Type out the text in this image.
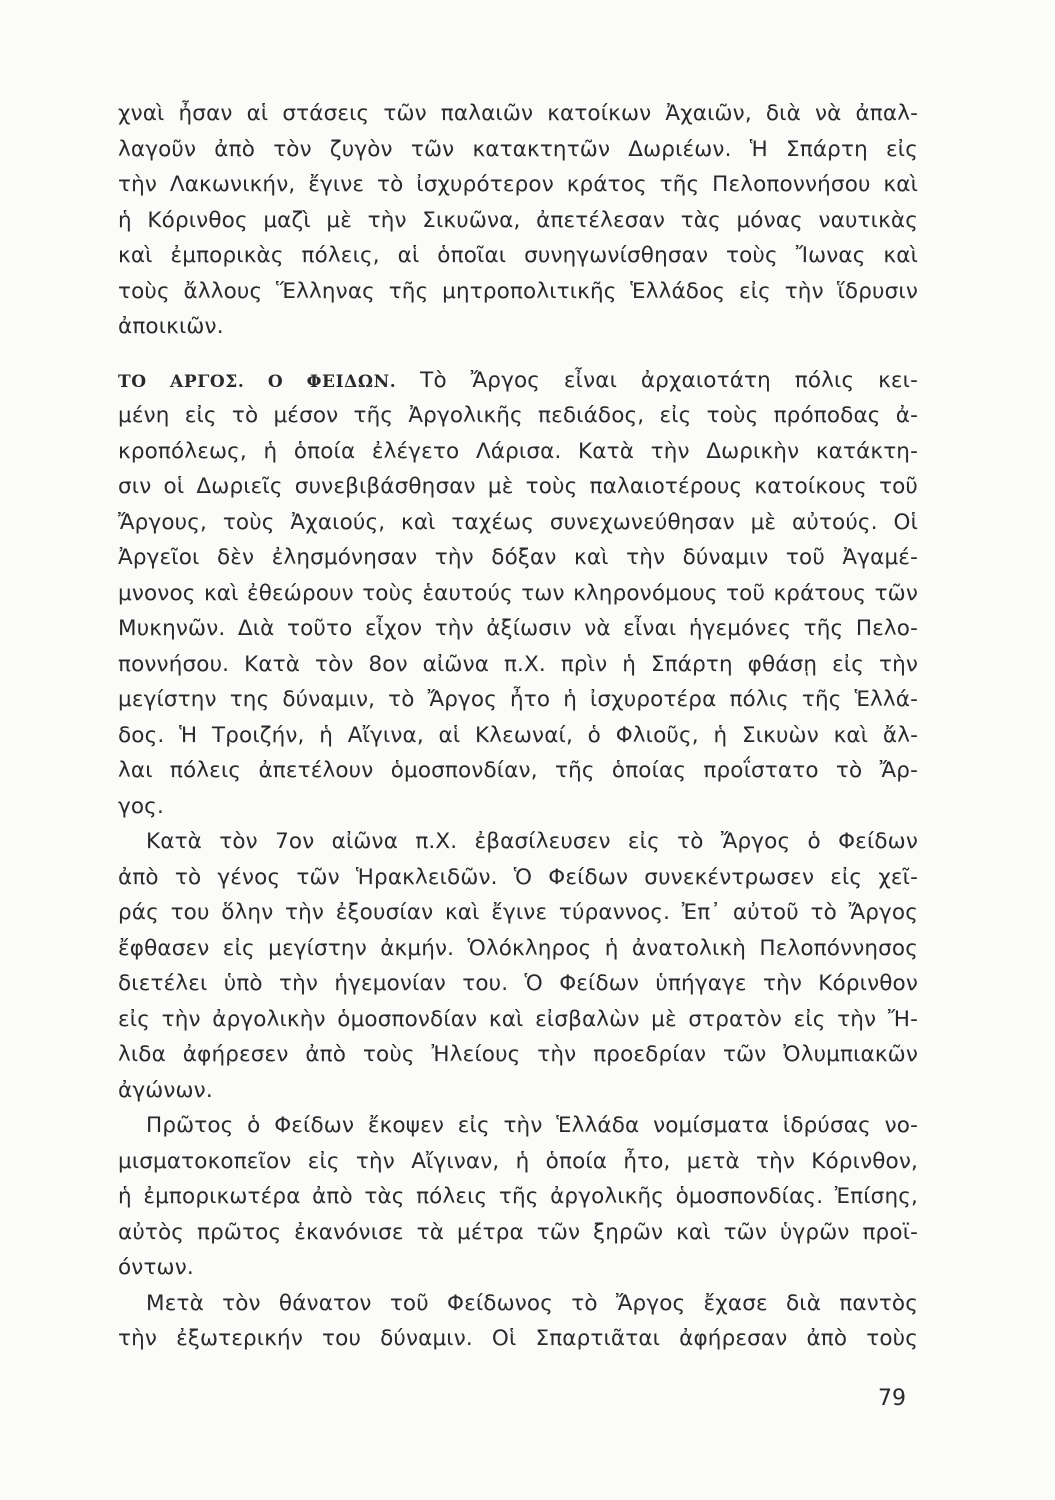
χναὶ ἦσαν αἱ στάσεις τῶν παλαιῶν κατοίκων Ἀχαιῶν, διὰ νὰ ἀπαλ-
λαγοῦν ἀπὸ τὸν ζυγὸν τῶν κατακτητῶν Δωριέων. Ἡ Σπάρτη εἰς
τὴν Λακωνικήν, ἔγινε τὸ ἰσχυρότερον κράτος τῆς Πελοποννήσου καὶ
ἡ Κόρινθος μαζὶ μὲ τὴν Σικυῶνα, ἀπετέλεσαν τὰς μόνας ναυτικὰς
καὶ ἐμπορικὰς πόλεις, αἱ ὁποῖαι συνηγωνίσθησαν τοὺς Ἴωνας καὶ
τοὺς ἄλλους Ἕλληνας τῆς μητροπολιτικῆς Ἑλλάδος εἰς τὴν ἵδρυσιν
ἀποικιῶν.
ΤΟ ΑΡΓΟΣ. Ο ΦΕΙΔΩΝ. Τὸ Ἄργος εἶναι ἀρχαιοτάτη πόλις κει-
μένη εἰς τὸ μέσον τῆς Ἀργολικῆς πεδιάδος, εἰς τοὺς πρόποδας ἀ-
κροπόλεως, ἡ ὁποία ἐλέγετο Λάρισα. Κατὰ τὴν Δωρικὴν κατάκτη-
σιν οἱ Δωριεῖς συνεβιβάσθησαν μὲ τοὺς παλαιοτέρους κατοίκους τοῦ
Ἄργους, τοὺς Ἀχαιούς, καὶ ταχέως συνεχωνεύθησαν μὲ αὐτούς. Οἱ
Ἀργεῖοι δὲν ἐλησμόνησαν τὴν δόξαν καὶ τὴν δύναμιν τοῦ Ἀγαμέ-
μνονος καὶ ἐθεώρουν τοὺς ἑαυτούς των κληρονόμους τοῦ κράτους τῶν
Μυκηνῶν. Διὰ τοῦτο εἶχον τὴν ἀξίωσιν νὰ εἶναι ἡγεμόνες τῆς Πελο-
ποννήσου. Κατὰ τὸν 8ον αἰῶνα π.Χ. πρὶν ἡ Σπάρτη φθάσῃ εἰς τὴν
μεγίστην της δύναμιν, τὸ Ἄργος ἦτο ἡ ἰσχυροτέρα πόλις τῆς Ἑλλά-
δος. Ἡ Τροιζήν, ἡ Αἴγινα, αἱ Κλεωναί, ὁ Φλιοῦς, ἡ Σικυὼν καὶ ἄλ-
λαι πόλεις ἀπετέλουν ὁμοσπονδίαν, τῆς ὁποίας προΐστατο τὸ Ἄρ-
γος.
Κατὰ τὸν 7ον αἰῶνα π.Χ. ἐβασίλευσεν εἰς τὸ Ἄργος ὁ Φείδων
ἀπὸ τὸ γένος τῶν Ἡρακλειδῶν. Ὁ Φείδων συνεκέντρωσεν εἰς χεῖ-
ράς του ὅλην τὴν ἐξουσίαν καὶ ἔγινε τύραννος. Ἐπ᾽ αὐτοῦ τὸ Ἄργος
ἔφθασεν εἰς μεγίστην ἀκμήν. Ὁλόκληρος ἡ ἀνατολικὴ Πελοπόννησος
διετέλει ὑπὸ τὴν ἡγεμονίαν του. Ὁ Φείδων ὑπήγαγε τὴν Κόρινθον
εἰς τὴν ἀργολικὴν ὁμοσπονδίαν καὶ εἰσβαλὼν μὲ στρατὸν εἰς τὴν Ἤ-
λιδα ἀφήρεσεν ἀπὸ τοὺς Ἠλείους τὴν προεδρίαν τῶν Ὀλυμπιακῶν
ἀγώνων.
Πρῶτος ὁ Φείδων ἔκοψεν εἰς τὴν Ἑλλάδα νομίσματα ἱδρύσας νο-
μισματοκοπεῖον εἰς τὴν Αἴγιναν, ἡ ὁποία ἦτο, μετὰ τὴν Κόρινθον,
ἡ ἐμπορικωτέρα ἀπὸ τὰς πόλεις τῆς ἀργολικῆς ὁμοσπονδίας. Ἐπίσης,
αὐτὸς πρῶτος ἐκανόνισε τὰ μέτρα τῶν ξηρῶν καὶ τῶν ὑγρῶν προϊ-
όντων.
Μετὰ τὸν θάνατον τοῦ Φείδωνος τὸ Ἄργος ἔχασε διὰ παντὸς
τὴν ἐξωτερικήν του δύναμιν. Οἱ Σπαρτιᾶται ἀφήρεσαν ἀπὸ τοὺς
79
